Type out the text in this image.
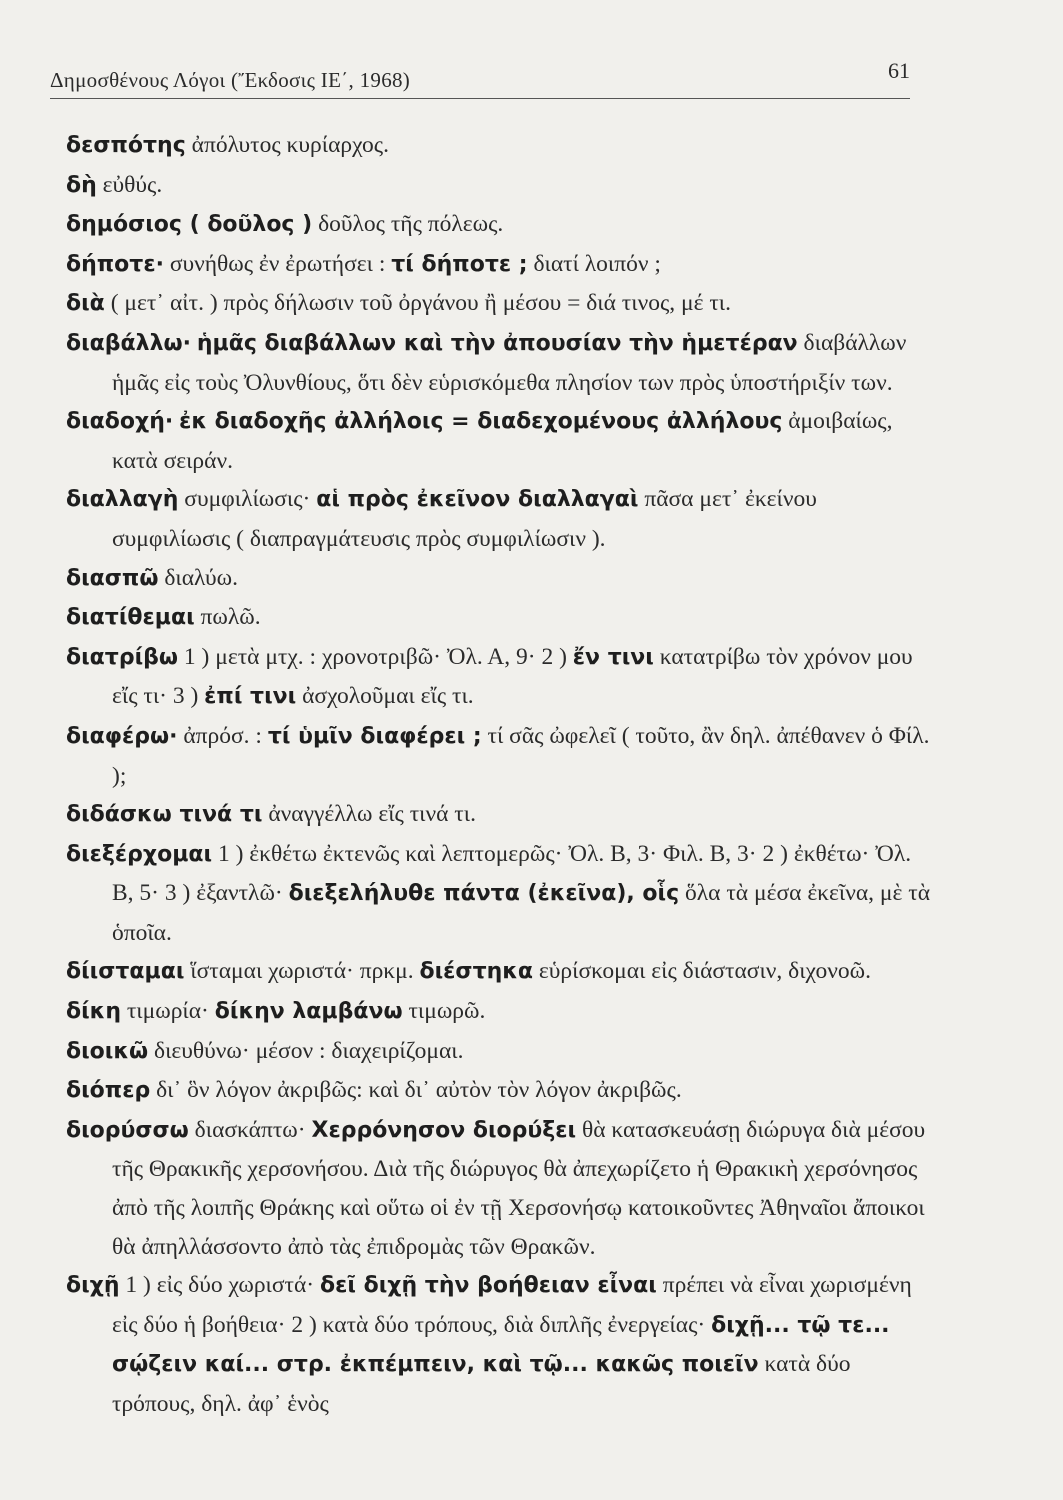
Δημοσθένους Λόγοι (Ἔκδοσις ΙΕ΄, 1968)	61

δεσπότης ἀπόλυτος κυρίαρχος.

δὴ εὐθύς.

δημόσιος ( δοῦλος ) δοῦλος τῆς πόλεως.

δήποτε· συνήθως ἐν ἐρωτήσει : τί δήποτε ; διατί λοιπόν ;

διὰ ( μετ᾽ αἰτ. ) πρὸς δήλωσιν τοῦ ὀργάνου ἢ μέσου = διά τινος, μέ τι.

διαβάλλω· ἡμᾶς διαβάλλων καὶ τὴν ἀπουσίαν τὴν ἡμετέραν διαβάλλων ἡμᾶς εἰς τοὺς Ὀλυνθίους, ὅτι δὲν εὑρισκόμεθα πλησίον των πρὸς ὑποστήριξίν των.

διαδοχή· ἐκ διαδοχῆς ἀλλήλοις = διαδεχομένους ἀλλήλους ἀμοιβαίως, κατὰ σειράν.

διαλλαγὴ συμφιλίωσις· αἱ πρὸς ἐκεῖνον διαλλαγαὶ πᾶσα μετ᾽ ἐκείνου συμφιλίωσις ( διαπραγμάτευσις πρὸς συμφιλίωσιν ).

διασπῶ διαλύω.

διατίθεμαι πωλῶ.

διατρίβω 1 ) μετὰ μτχ. : χρονοτριβῶ· Ὀλ. Α, 9· 2 ) ἔν τινι κατατρίβω τὸν χρόνον μου εἴς τι· 3 ) ἐπί τινι ἀσχολοῦμαι εἴς τι.

διαφέρω· ἀπρόσ. : τί ὑμῖν διαφέρει ; τί σᾶς ὠφελεῖ ( τοῦτο, ἂν δηλ. ἀπέθανεν ὁ Φίλ. );

διδάσκω τινά τι ἀναγγέλλω εἴς τινά τι.

διεξέρχομαι 1 ) ἐκθέτω ἐκτενῶς καὶ λεπτομερῶς· Ὀλ. Β, 3· Φιλ. Β, 3· 2 ) ἐκθέτω· Ὀλ. Β, 5· 3 ) ἐξαντλῶ· διεξελήλυθε πάντα (ἐκεῖνα), οἷς ὅλα τὰ μέσα ἐκεῖνα, μὲ τὰ ὁποῖα.

δίισταμαι ἵσταμαι χωριστά· πρκμ. διέστηκα εὑρίσκομαι εἰς διάστασιν, διχονοῶ.

δίκη τιμωρία· δίκην λαμβάνω τιμωρῶ.

διοικῶ διευθύνω· μέσον : διαχειρίζομαι.

διόπερ δι᾽ ὃν λόγον ἀκριβῶς: καὶ δι᾽ αὐτὸν τὸν λόγον ἀκριβῶς.

διορύσσω διασκάπτω· Χερρόνησον διορύξει θὰ κατασκευάσῃ διώρυγα διὰ μέσου τῆς Θρακικῆς χερσονήσου. Διὰ τῆς διώρυγος θὰ ἀπεχωρίζετο ἡ Θρακικὴ χερσόνησος ἀπὸ τῆς λοιπῆς Θράκης καὶ οὕτω οἱ ἐν τῇ Χερσονήσῳ κατοικοῦντες Ἀθηναῖοι ἄποικοι θὰ ἀπηλλάσσοντο ἀπὸ τὰς ἐπιδρομὰς τῶν Θρακῶν.

διχῇ 1 ) εἰς δύο χωριστά· δεῖ διχῇ τὴν βοήθειαν εἶναι πρέπει νὰ εἶναι χωρισμένη εἰς δύο ἡ βοήθεια· 2 ) κατὰ δύο τρόπους, διὰ διπλῆς ἐνεργείας· διχῇ... τῷ τε... σῴζειν καί... στρ. ἐκπέμπειν, καὶ τῷ... κακῶς ποιεῖν κατὰ δύο τρόπους, δηλ. ἀφ᾽ ἑνὸς
